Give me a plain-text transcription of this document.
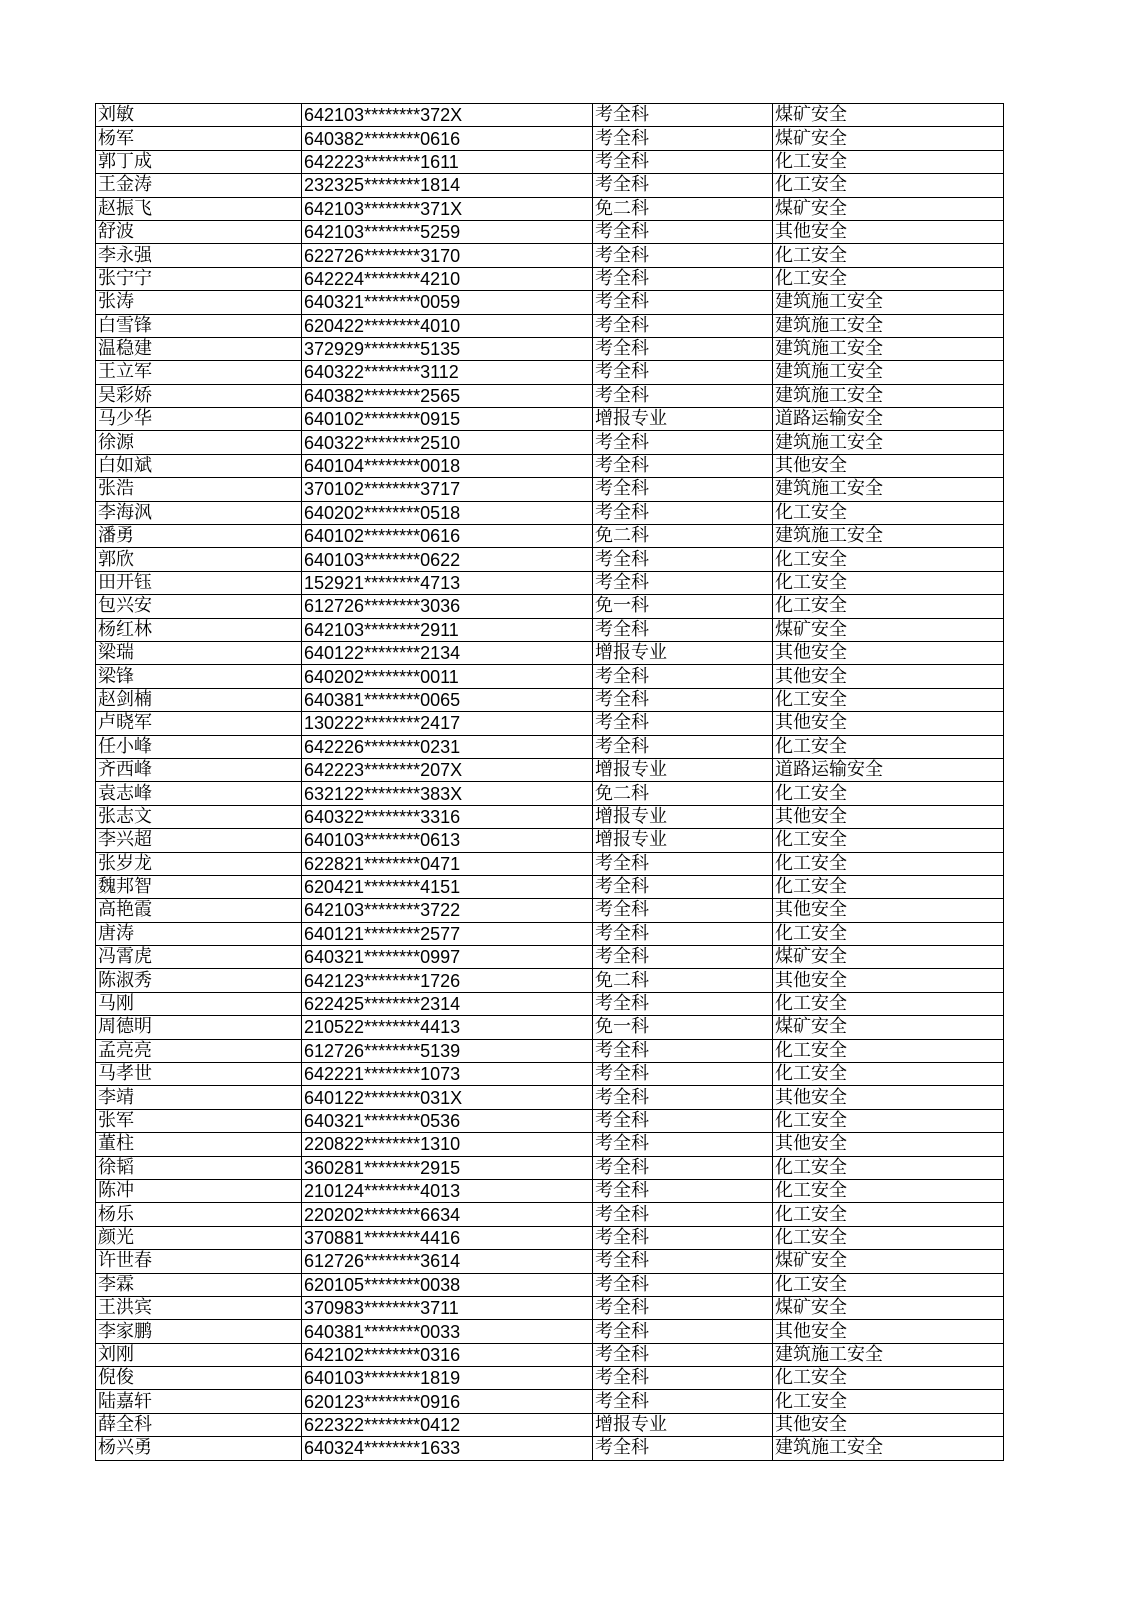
刘敏	642103********372X	考全科	煤矿安全
杨军	640382********0616	考全科	煤矿安全
郭丁成	642223********1611	考全科	化工安全
王金涛	232325********1814	考全科	化工安全
赵振飞	642103********371X	免二科	煤矿安全
舒波	642103********5259	考全科	其他安全
李永强	622726********3170	考全科	化工安全
张宁宁	642224********4210	考全科	化工安全
张涛	640321********0059	考全科	建筑施工安全
白雪锋	620422********4010	考全科	建筑施工安全
温稳建	372929********5135	考全科	建筑施工安全
王立军	640322********3112	考全科	建筑施工安全
吴彩娇	640382********2565	考全科	建筑施工安全
马少华	640102********0915	增报专业	道路运输安全
徐源	640322********2510	考全科	建筑施工安全
白如斌	640104********0018	考全科	其他安全
张浩	370102********3717	考全科	建筑施工安全
李海沨	640202********0518	考全科	化工安全
潘勇	640102********0616	免二科	建筑施工安全
郭欣	640103********0622	考全科	化工安全
田开钰	152921********4713	考全科	化工安全
包兴安	612726********3036	免一科	化工安全
杨红林	642103********2911	考全科	煤矿安全
梁瑞	640122********2134	增报专业	其他安全
梁锋	640202********0011	考全科	其他安全
赵剑楠	640381********0065	考全科	化工安全
卢晓军	130222********2417	考全科	其他安全
任小峰	642226********0231	考全科	化工安全
齐西峰	642223********207X	增报专业	道路运输安全
袁志峰	632122********383X	免二科	化工安全
张志文	640322********3316	增报专业	其他安全
李兴超	640103********0613	增报专业	化工安全
张岁龙	622821********0471	考全科	化工安全
魏邦智	620421********4151	考全科	化工安全
高艳霞	642103********3722	考全科	其他安全
唐涛	640121********2577	考全科	化工安全
冯霄虎	640321********0997	考全科	煤矿安全
陈淑秀	642123********1726	免二科	其他安全
马刚	622425********2314	考全科	化工安全
周德明	210522********4413	免一科	煤矿安全
孟亮亮	612726********5139	考全科	化工安全
马孝世	642221********1073	考全科	化工安全
李靖	640122********031X	考全科	其他安全
张军	640321********0536	考全科	化工安全
董柱	220822********1310	考全科	其他安全
徐韬	360281********2915	考全科	化工安全
陈冲	210124********4013	考全科	化工安全
杨乐	220202********6634	考全科	化工安全
颜光	370881********4416	考全科	化工安全
许世春	612726********3614	考全科	煤矿安全
李霖	620105********0038	考全科	化工安全
王洪宾	370983********3711	考全科	煤矿安全
李家鹏	640381********0033	考全科	其他安全
刘刚	642102********0316	考全科	建筑施工安全
倪俊	640103********1819	考全科	化工安全
陆嘉轩	620123********0916	考全科	化工安全
薛全科	622322********0412	增报专业	其他安全
杨兴勇	640324********1633	考全科	建筑施工安全
